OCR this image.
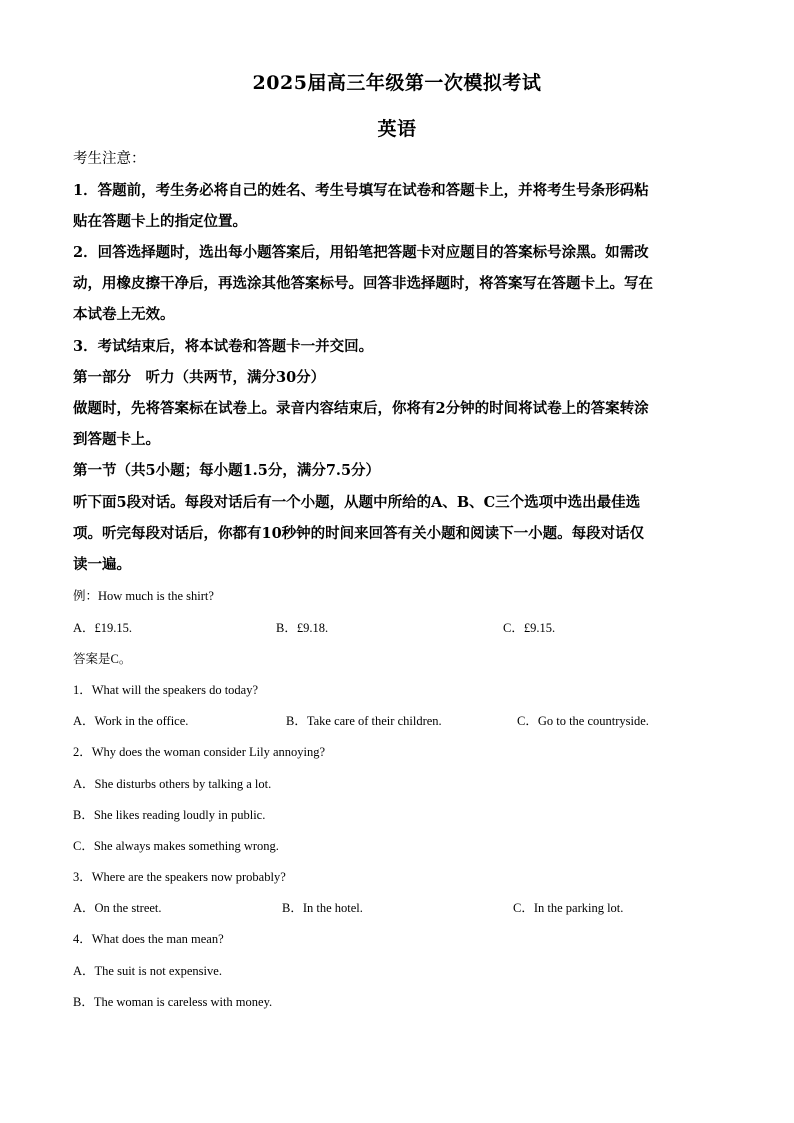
2025届高三年级第一次模拟考试
英语
考生注意：
1．答题前，考生务必将自己的姓名、考生号填写在试卷和答题卡上，并将考生号条形码粘
贴在答题卡上的指定位置。
2．回答选择题时，选出每小题答案后，用铅笔把答题卡对应题目的答案标号涂黑。如需改
动，用橡皮擦干净后，再选涂其他答案标号。回答非选择题时，将答案写在答题卡上。写在
本试卷上无效。
3．考试结束后，将本试卷和答题卡一并交回。
第一部分　听力（共两节，满分30分）
做题时，先将答案标在试卷上。录音内容结束后，你将有2分钟的时间将试卷上的答案转涂
到答题卡上。
第一节（共5小题；每小题1.5分，满分7.5分）
听下面5段对话。每段对话后有一个小题，从题中所给的A、B、C三个选项中选出最佳选
项。听完每段对话后，你都有10秒钟的时间来回答有关小题和阅读下一小题。每段对话仅
读一遍。
例：How much is the shirt?
A．£19.15.	B．£9.18.	C．£9.15.
答案是C。
1．What will the speakers do today?
A．Work in the office.	B．Take care of their children.	C．Go to the countryside.
2．Why does the woman consider Lily annoying?
A．She disturbs others by talking a lot.
B．She likes reading loudly in public.
C．She always makes something wrong.
3．Where are the speakers now probably?
A．On the street.	B．In the hotel.	C．In the parking lot.
4．What does the man mean?
A．The suit is not expensive.
B．The woman is careless with money.
